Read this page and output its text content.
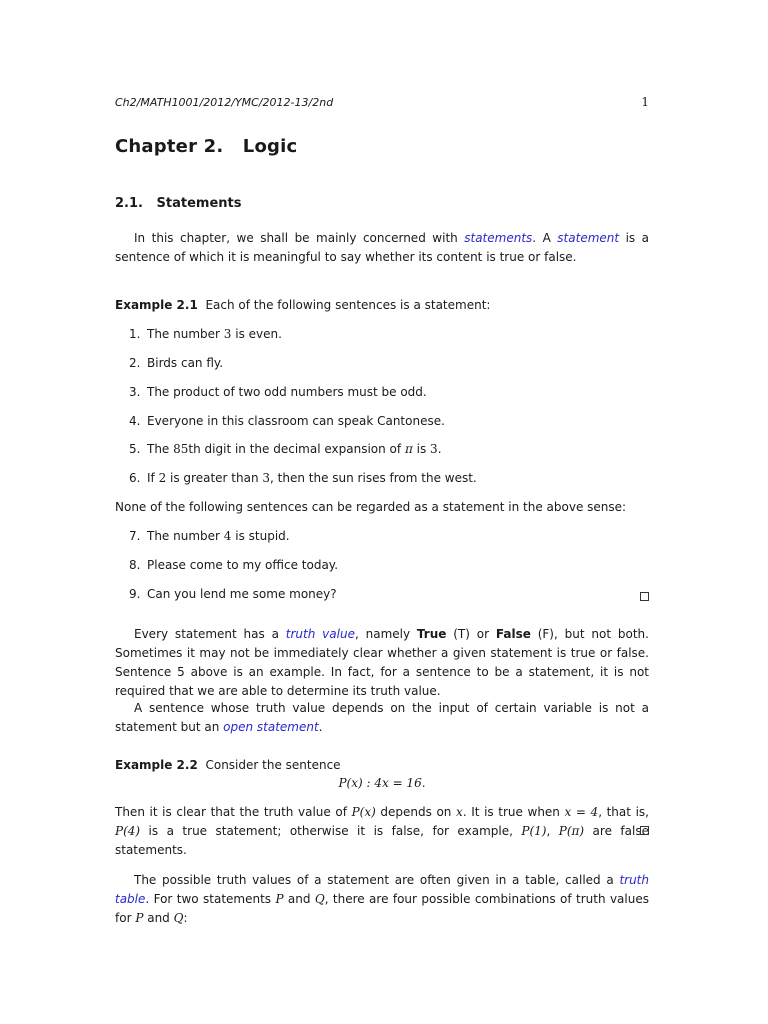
Ch2/MATH1001/2012/YMC/2012-13/2nd	1
Chapter 2.   Logic
2.1.   Statements

In this chapter, we shall be mainly concerned with statements. A statement is a sentence of which it is meaningful to say whether its content is true or false.

Example 2.1 Each of the following sentences is a statement:
1. The number 3 is even.
2. Birds can fly.
3. The product of two odd numbers must be odd.
4. Everyone in this classroom can speak Cantonese.
5. The 85th digit in the decimal expansion of π is 3.
6. If 2 is greater than 3, then the sun rises from the west.
None of the following sentences can be regarded as a statement in the above sense:
7. The number 4 is stupid.
8. Please come to my office today.
9. Can you lend me some money?

Every statement has a truth value, namely True (T) or False (F), but not both. Sometimes it may not be immediately clear whether a given statement is true or false. Sentence 5 above is an example. In fact, for a sentence to be a statement, it is not required that we are able to determine its truth value.

A sentence whose truth value depends on the input of certain variable is not a statement but an open statement.

Example 2.2 Consider the sentence
P(x) : 4x = 16.

Then it is clear that the truth value of P(x) depends on x. It is true when x = 4, that is, P(4) is a true statement; otherwise it is false, for example, P(1), P(π) are false statements.

The possible truth values of a statement are often given in a table, called a truth table. For two statements P and Q, there are four possible combinations of truth values for P and Q:
